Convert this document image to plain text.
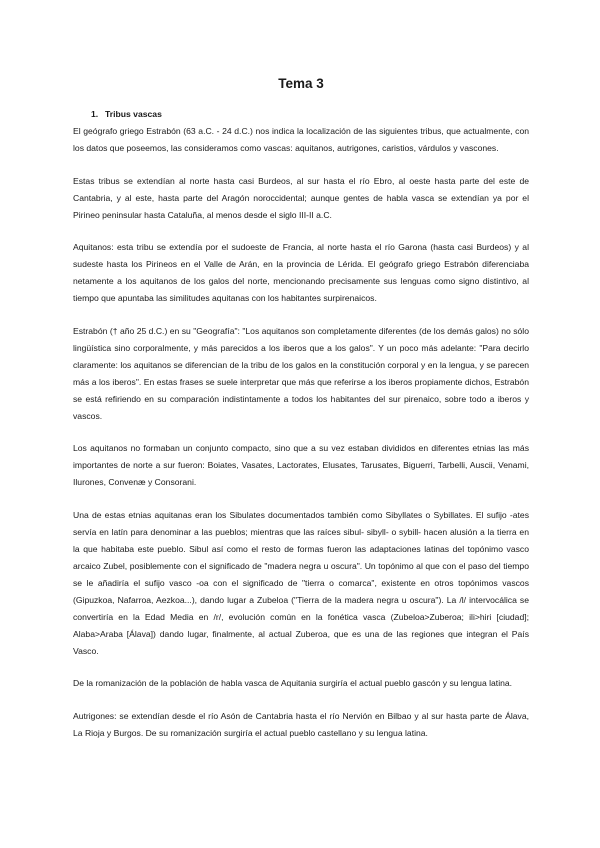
Tema 3
1. Tribus vascas

El geógrafo griego Estrabón (63 a.C. - 24 d.C.) nos indica la localización de las siguientes tribus, que actualmente, con los datos que poseemos, las consideramos como vascas: aquitanos, autrigones, caristios, várdulos y vascones.

Estas tribus se extendían al norte hasta casi Burdeos, al sur hasta el río Ebro, al oeste hasta parte del este de Cantabria, y al este, hasta parte del Aragón noroccidental; aunque gentes de habla vasca se extendían ya por el Pirineo peninsular hasta Cataluña, al menos desde el siglo III-II a.C.

Aquitanos: esta tribu se extendía por el sudoeste de Francia, al norte hasta el río Garona (hasta casi Burdeos) y al sudeste hasta los Pirineos en el Valle de Arán, en la provincia de Lérida. El geógrafo griego Estrabón diferenciaba netamente a los aquitanos de los galos del norte, mencionando precisamente sus lenguas como signo distintivo, al tiempo que apuntaba las similitudes aquitanas con los habitantes surpirenaicos.

Estrabón († año 25 d.C.) en su "Geografía": "Los aquitanos son completamente diferentes (de los demás galos) no sólo lingüística sino corporalmente, y más parecidos a los iberos que a los galos". Y un poco más adelante: "Para decirlo claramente: los aquitanos se diferencian de la tribu de los galos en la constitución corporal y en la lengua, y se parecen más a los iberos". En estas frases se suele interpretar que más que referirse a los iberos propiamente dichos, Estrabón se está refiriendo en su comparación indistintamente a todos los habitantes del sur pirenaico, sobre todo a iberos y vascos.

Los aquitanos no formaban un conjunto compacto, sino que a su vez estaban divididos en diferentes etnias las más importantes de norte a sur fueron: Boiates, Vasates, Lactorates, Elusates, Tarusates, Biguerri, Tarbelli, Auscii, Venami, Ilurones, Convenæ y Consorani.

Una de estas etnias aquitanas eran los Sibulates documentados también como Sibyllates o Sybillates. El sufijo -ates servía en latín para denominar a las pueblos; mientras que las raíces sibul- sibyll- o sybill- hacen alusión a la tierra en la que habitaba este pueblo. Sibul así como el resto de formas fueron las adaptaciones latinas del topónimo vasco arcaico Zubel, posiblemente con el significado de "madera negra u oscura". Un topónimo al que con el paso del tiempo se le añadiría el sufijo vasco -oa con el significado de "tierra o comarca", existente en otros topónimos vascos (Gipuzkoa, Nafarroa, Aezkoa...), dando lugar a Zubeloa ("Tierra de la madera negra u oscura"). La /l/ intervocálica se convertiría en la Edad Media en /r/, evolución común en la fonética vasca (Zubeloa>Zuberoa; ili>hiri [ciudad]; Alaba>Araba [Álava]) dando lugar, finalmente, al actual Zuberoa, que es una de las regiones que integran el País Vasco.

De la romanización de la población de habla vasca de Aquitania surgiría el actual pueblo gascón y su lengua latina.

Autrigones: se extendían desde el río Asón de Cantabria hasta el río Nervión en Bilbao y al sur hasta parte de Álava, La Rioja y Burgos. De su romanización surgiría el actual pueblo castellano y su lengua latina.
